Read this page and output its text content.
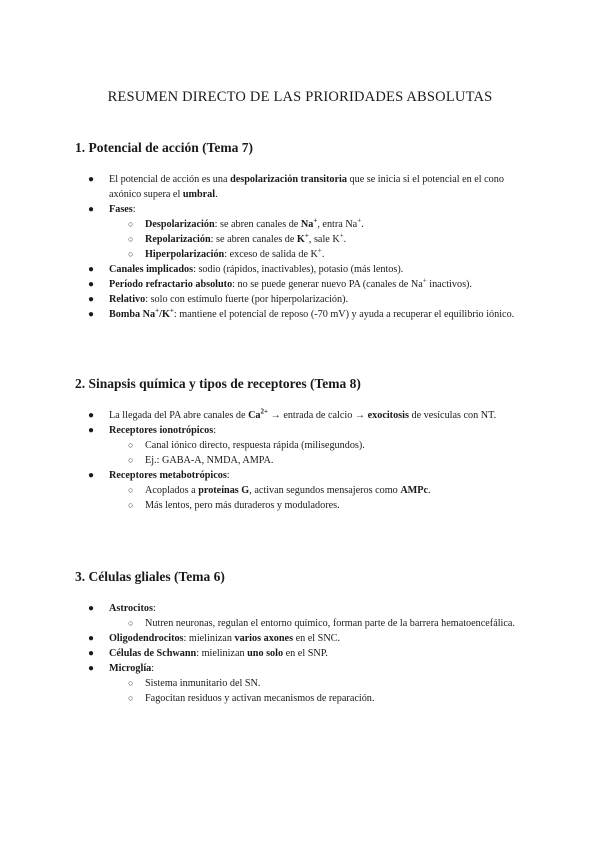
RESUMEN DIRECTO DE LAS PRIORIDADES ABSOLUTAS
1. Potencial de acción (Tema 7)
● El potencial de acción es una despolarización transitoria que se inicia si el potencial en el cono axónico supera el umbral.
● Fases:
○ Despolarización: se abren canales de Na+, entra Na+.
○ Repolarización: se abren canales de K+, sale K+.
○ Hiperpolarización: exceso de salida de K+.
● Canales implicados: sodio (rápidos, inactivables), potasio (más lentos).
● Período refractario absoluto: no se puede generar nuevo PA (canales de Na+ inactivos).
● Relativo: solo con estímulo fuerte (por hiperpolarización).
● Bomba Na+/K+: mantiene el potencial de reposo (-70 mV) y ayuda a recuperar el equilibrio iónico.
2. Sinapsis química y tipos de receptores (Tema 8)
● La llegada del PA abre canales de $Ca^{2+}$ → entrada de calcio → exocitosis de vesículas con NT.
● Receptores ionotrópicos:
○ Canal iónico directo, respuesta rápida (milisegundos).
○ Ej.: GABA-A, NMDA, AMPA.
● Receptores metabotrópicos:
○ Acoplados a proteínas G, activan segundos mensajeros como AMPc.
○ Más lentos, pero más duraderos y moduladores.
3. Células gliales (Tema 6)
● Astrocitos:
○ Nutren neuronas, regulan el entorno químico, forman parte de la barrera hematoencefálica.
● Oligodendrocitos: mielinizan varios axones en el SNC.
● Células de Schwann: mielinizan uno solo en el SNP.
● Microglía:
○ Sistema inmunitario del SN.
○ Fagocitan residuos y activan mecanismos de reparación.
